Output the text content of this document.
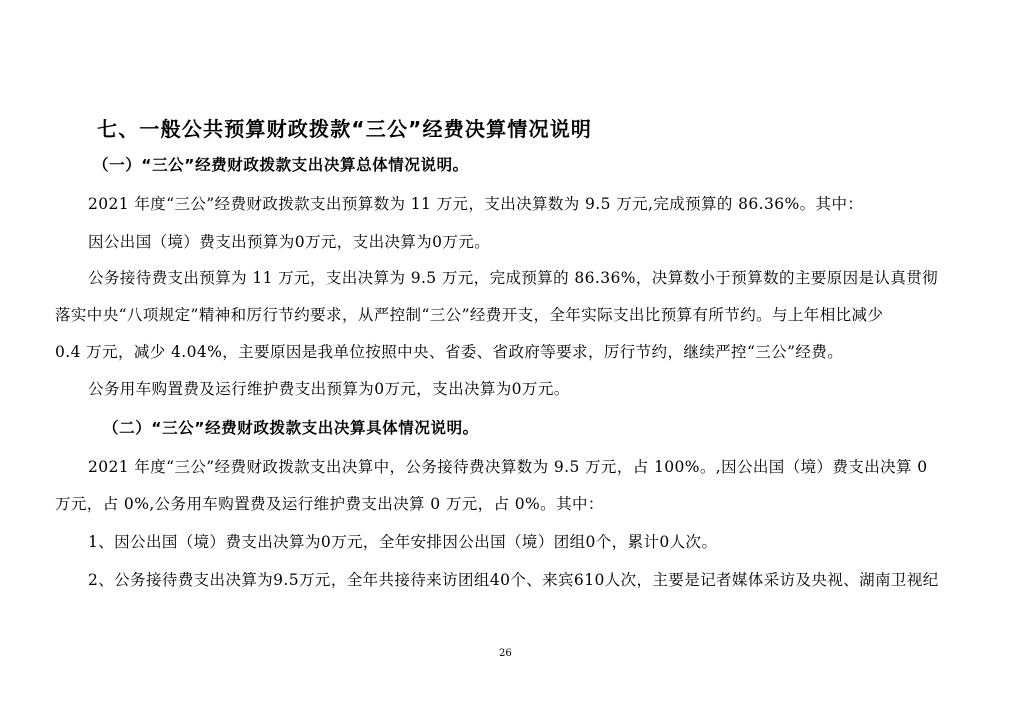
七、一般公共预算财政拨款“三公”经费决算情况说明
（一）“三公”经费财政拨款支出决算总体情况说明。
2021 年度“三公”经费财政拨款支出预算数为 11 万元，支出决算数为 9.5 万元,完成预算的 86.36%。其中：
因公出国（境）费支出预算为0万元，支出决算为0万元。
公务接待费支出预算为 11 万元，支出决算为 9.5 万元，完成预算的 86.36%，决算数小于预算数的主要原因是认真贯彻
落实中央“八项规定”精神和厉行节约要求，从严控制“三公”经费开支，全年实际支出比预算有所节约。与上年相比减少
0.4 万元，减少 4.04%，主要原因是我单位按照中央、省委、省政府等要求，厉行节约，继续严控“三公”经费。
公务用车购置费及运行维护费支出预算为0万元，支出决算为0万元。
（二）“三公”经费财政拨款支出决算具体情况说明。
2021 年度“三公”经费财政拨款支出决算中，公务接待费决算数为 9.5 万元，占 100%。,因公出国（境）费支出决算 0
万元，占 0%,公务用车购置费及运行维护费支出决算 0 万元，占 0%。其中：
1、因公出国（境）费支出决算为0万元，全年安排因公出国（境）团组0个，累计0人次。
2、公务接待费支出决算为9.5万元，全年共接待来访团组40个、来宾610人次，主要是记者媒体采访及央视、湖南卫视纪
26
